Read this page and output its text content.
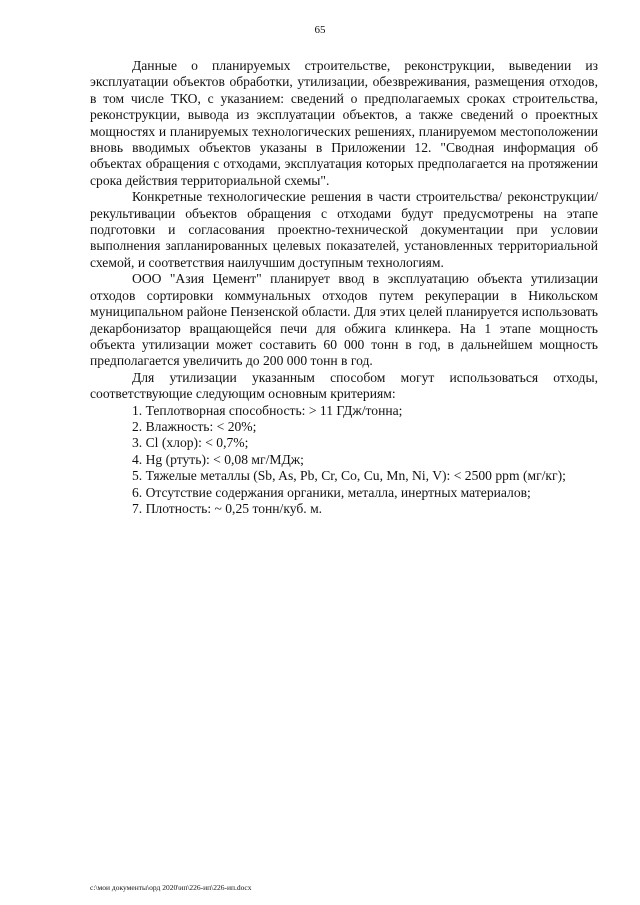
65

Данные о планируемых строительстве, реконструкции, выведении из эксплуатации объектов обработки, утилизации, обезвреживания, размещения отходов, в том числе ТКО, с указанием: сведений о предполагаемых сроках строительства, реконструкции, вывода из эксплуатации объектов, а также сведений о проектных мощностях и планируемых технологических решениях, планируемом местоположении вновь вводимых объектов указаны в Приложении 12. "Сводная информация об объектах обращения с отходами, эксплуатация которых предполагается на протяжении срока действия территориальной схемы".

Конкретные технологические решения в части строительства/ реконструкции/ рекультивации объектов обращения с отходами будут предусмотрены на этапе подготовки и согласования проектно-технической документации при условии выполнения запланированных целевых показателей, установленных территориальной схемой, и соответствия наилучшим доступным технологиям.

ООО "Азия Цемент" планирует ввод в эксплуатацию объекта утилизации отходов сортировки коммунальных отходов путем рекуперации в Никольском муниципальном районе Пензенской области. Для этих целей планируется использовать декарбонизатор вращающейся печи для обжига клинкера. На 1 этапе мощность объекта утилизации может составить 60 000 тонн в год, в дальнейшем мощность предполагается увеличить до 200 000 тонн в год.

Для утилизации указанным способом могут использоваться отходы, соответствующие следующим основным критериям:

1. Теплотворная способность: > 11 ГДж/тонна;
2. Влажность: < 20%;
3. Cl (хлор): < 0,7%;
4. Hg (ртуть): < 0,08 мг/МДж;
5. Тяжелые металлы (Sb, As, Pb, Cr, Co, Cu, Mn, Ni, V): < 2500 ppm (мг/кг);
6. Отсутствие содержания органики, металла, инертных материалов;
7. Плотность: ~ 0,25 тонн/куб. м.
c:\мои документы\орд 2020\ип\226-ип\226-ип.docx
